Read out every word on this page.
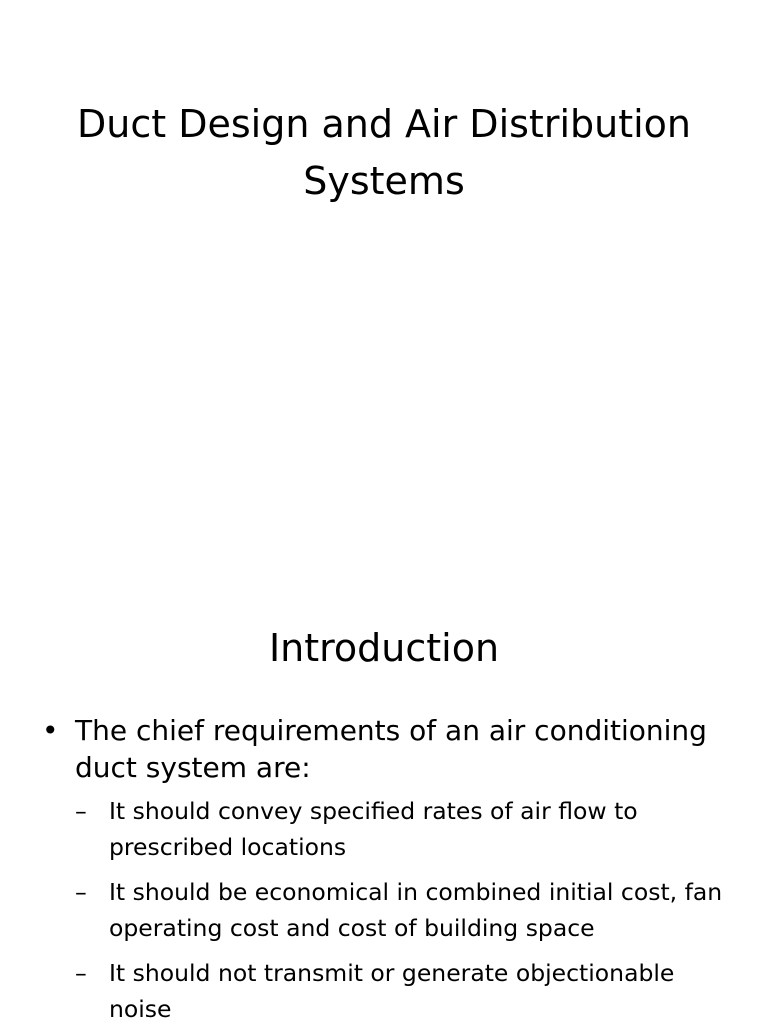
Duct Design and Air Distribution
Systems
Introduction
• The chief requirements of an air conditioning duct system are:
– It should convey specified rates of air flow to prescribed locations
– It should be economical in combined initial cost, fan operating cost and cost of building space
– It should not transmit or generate objectionable noise
